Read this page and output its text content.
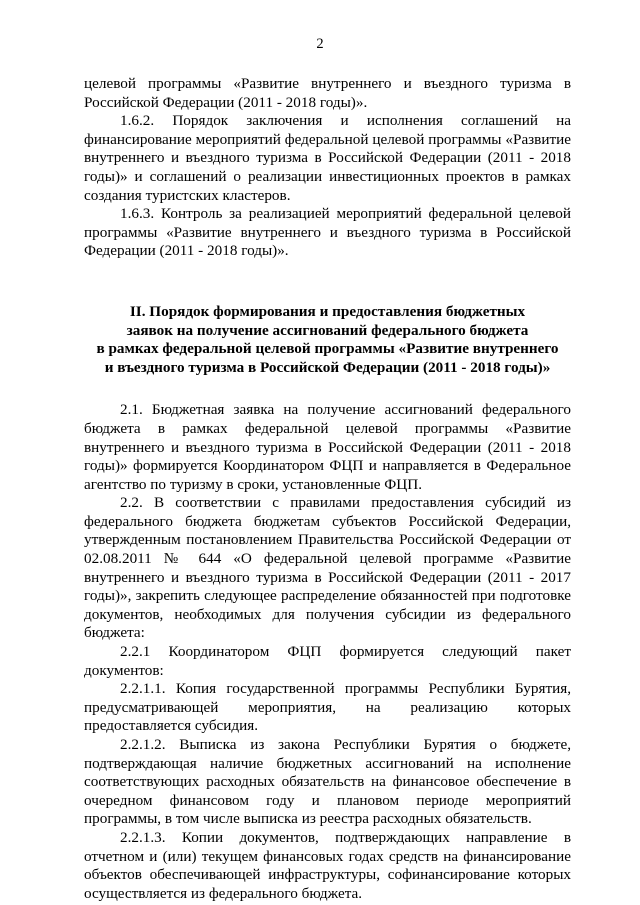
2

целевой программы «Развитие внутреннего и въездного туризма в Российской Федерации (2011 - 2018 годы)».

1.6.2. Порядок заключения и исполнения соглашений на финансирование мероприятий федеральной целевой программы «Развитие внутреннего и въездного туризма в Российской Федерации (2011 - 2018 годы)» и соглашений о реализации инвестиционных проектов в рамках создания туристских кластеров.

1.6.3. Контроль за реализацией мероприятий федеральной целевой программы «Развитие внутреннего и въездного туризма в Российской Федерации (2011 - 2018 годы)».

II. Порядок формирования и предоставления бюджетных
заявок на получение ассигнований федерального бюджета
в рамках федеральной целевой программы «Развитие внутреннего
и въездного туризма в Российской Федерации (2011 - 2018 годы)»

2.1. Бюджетная заявка на получение ассигнований федерального бюджета в рамках федеральной целевой программы «Развитие внутреннего и въездного туризма в Российской Федерации (2011 - 2018 годы)» формируется Координатором ФЦП и направляется в Федеральное агентство по туризму в сроки, установленные ФЦП.

2.2. В соответствии с правилами предоставления субсидий из федерального бюджета бюджетам субъектов Российской Федерации, утвержденным постановлением Правительства Российской Федерации от 02.08.2011 № 644 «О федеральной целевой программе «Развитие внутреннего и въездного туризма в Российской Федерации (2011 - 2017 годы)», закрепить следующее распределение обязанностей при подготовке документов, необходимых для получения субсидии из федерального бюджета:

2.2.1 Координатором ФЦП формируется следующий пакет документов:

2.2.1.1. Копия государственной программы Республики Бурятия, предусматривающей мероприятия, на реализацию которых предоставляется субсидия.

2.2.1.2. Выписка из закона Республики Бурятия о бюджете, подтверждающая наличие бюджетных ассигнований на исполнение соответствующих расходных обязательств на финансовое обеспечение в очередном финансовом году и плановом периоде мероприятий программы, в том числе выписка из реестра расходных обязательств.

2.2.1.3. Копии документов, подтверждающих направление в отчетном и (или) текущем финансовых годах средств на финансирование объектов обеспечивающей инфраструктуры, софинансирование которых осуществляется из федерального бюджета.
